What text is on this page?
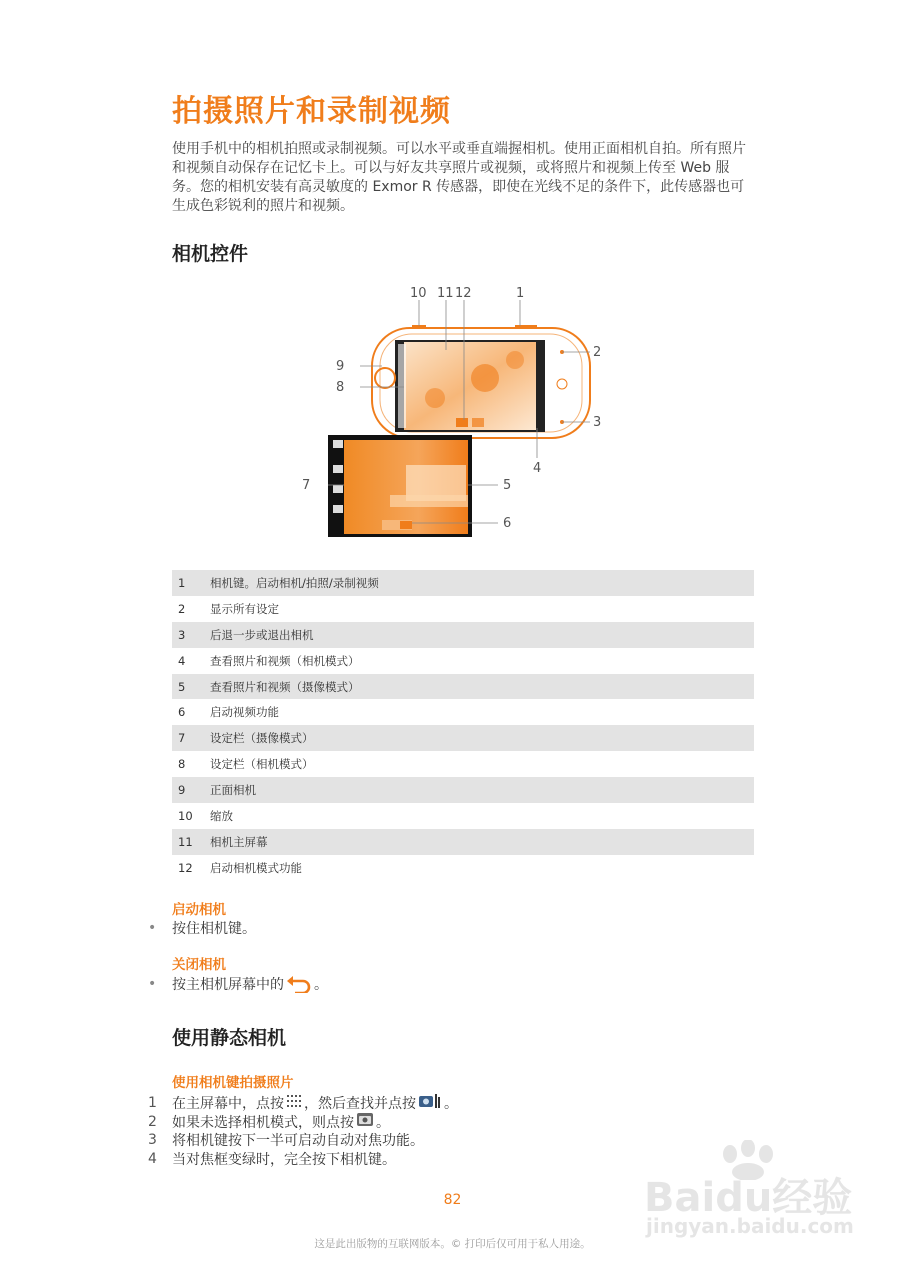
拍摄照片和录制视频
使用手机中的相机拍照或录制视频。可以水平或垂直端握相机。使用正面相机自拍。所有照片和视频自动保存在记忆卡上。可以与好友共享照片或视频，或将照片和视频上传至 Web 服务。您的相机安装有高灵敏度的 Exmor R 传感器，即使在光线不足的条件下，此传感器也可生成色彩锐利的照片和视频。
相机控件
10 11 12	1
2
9
8
3
4
7	5
6
1	相机键。启动相机/拍照/录制视频
2	显示所有设定
3	后退一步或退出相机
4	查看照片和视频（相机模式）
5	查看照片和视频（摄像模式）
6	启动视频功能
7	设定栏（摄像模式）
8	设定栏（相机模式）
9	正面相机
10	缩放
11	相机主屏幕
12	启动相机模式功能
启动相机
•	按住相机键。
关闭相机
•	按主相机屏幕中的 。
使用静态相机
使用相机键拍摄照片
1	在主屏幕中，点按 ，然后查找并点按 。
2	如果未选择相机模式，则点按 。
3	将相机键按下一半可启动自动对焦功能。
4	当对焦框变绿时，完全按下相机键。
82
这是此出版物的互联网版本。© 打印后仅可用于私人用途。
Baidu经验
jingyan.baidu.com
